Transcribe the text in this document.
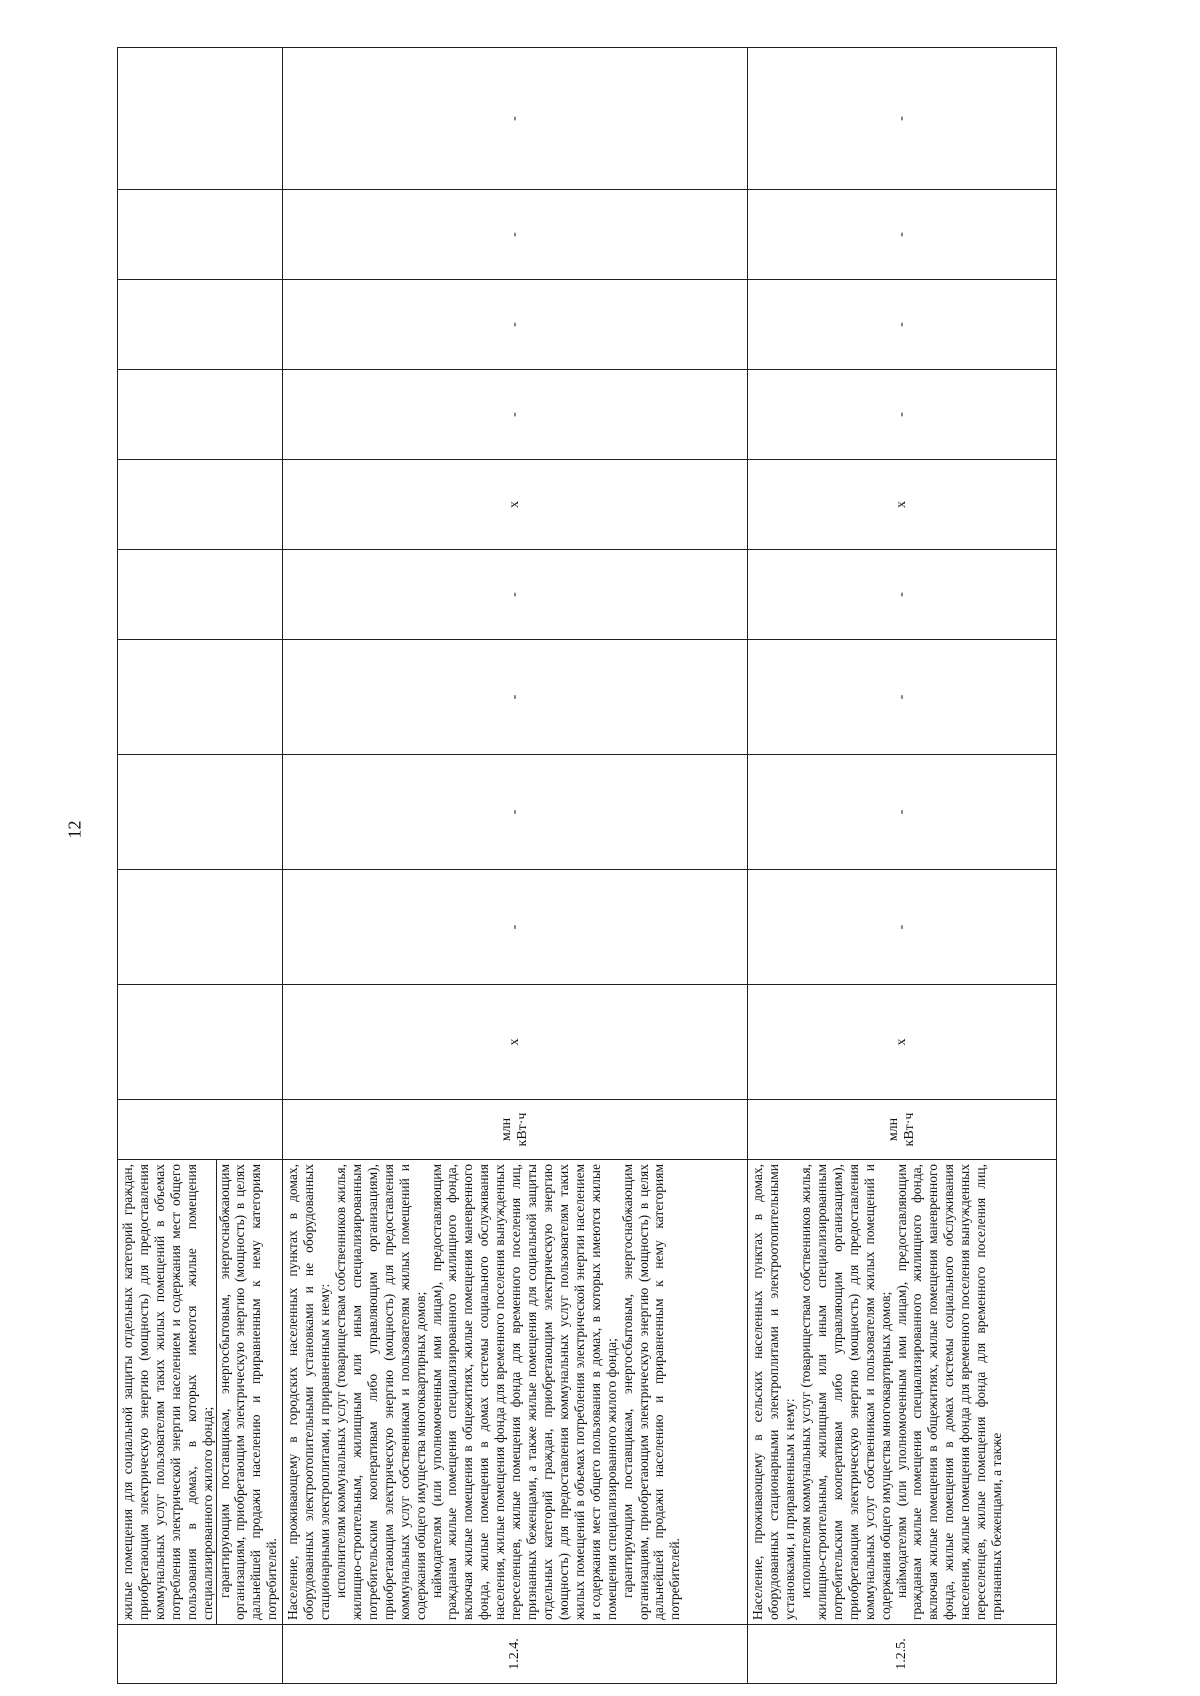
12

	жилые помещения для социальной защиты отдельных категорий граждан, приобретающим электрическую энергию (мощность) для предоставления коммунальных услуг пользователям таких жилых помещений в объемах потребления электрической энергии населением и содержания мест общего пользования в домах, в которых имеются жилые помещения специализированного жилого фонда; гарантирующим поставщикам, энергосбытовым, энергоснабжающим организациям, приобретающим электрическую энергию (мощность) в целях дальнейшей продажи населению и приравненным к нему категориям потребителей.											

1.2.4.	Население, проживающему в городских населенных пунктах в домах, оборудованных электроотопительными установками и не оборудованных стационарными электроплитами, и приравненным к нему: исполнителям коммунальных услуг (товариществам собственников жилья, жилищно-строительным, жилищным или иным специализированным потребительским кооперативам либо управляющим организациям), приобретающим электрическую энергию (мощность) для предоставления коммунальных услуг собственникам и пользователям жилых помещений и содержания общего имущества многоквартирных домов; наймодателям (или уполномоченным ими лицам), предоставляющим гражданам жилые помещения специализированного жилищного фонда, включая жилые помещения в общежитиях, жилые помещения маневренного фонда, жилые помещения в домах системы социального обслуживания населения, жилые помещения фонда для временного поселения вынужденных переселенцев, жилые помещения фонда для временного поселения лиц, признанных беженцами, а также жилые помещения для социальной защиты отдельных категорий граждан, приобретающим электрическую энергию (мощность) для предоставления коммунальных услуг пользователям таких жилых помещений в объемах потребления электрической энергии населением и содержания мест общего пользования в домах, в которых имеются жилые помещения специализированного жилого фонда; гарантирующим поставщикам, энергосбытовым, энергоснабжающим организациям, приобретающим электрическую энергию (мощность) в целях дальнейшей продажи населению и приравненным к нему категориям потребителей.	млн кВт·ч	х	-	-	-	-	х	-	-	-	-
1.2.5.	Население, проживающему в сельских населенных пунктах в домах, оборудованных стационарными электроплитами и электроотопительными установками, и приравненным к нему: исполнителям коммунальных услуг (товариществам собственников жилья, жилищно-строительным, жилищным или иным специализированным потребительским кооперативам либо управляющим организациям), приобретающим электрическую энергию (мощность) для предоставления коммунальных услуг собственникам и пользователям жилых помещений и содержания общего имущества многоквартирных домов; наймодателям (или уполномоченным ими лицам), предоставляющим гражданам жилые помещения специализированного жилищного фонда, включая жилые помещения в общежитиях, жилые помещения маневренного фонда, жилые помещения в домах системы социального обслуживания населения, жилые помещения фонда для временного поселения вынужденных переселенцев, жилые помещения фонда для временного поселения лиц, признанных беженцами, а также	млн кВт·ч	х	-	-	-	-	х	-	-	-	-
